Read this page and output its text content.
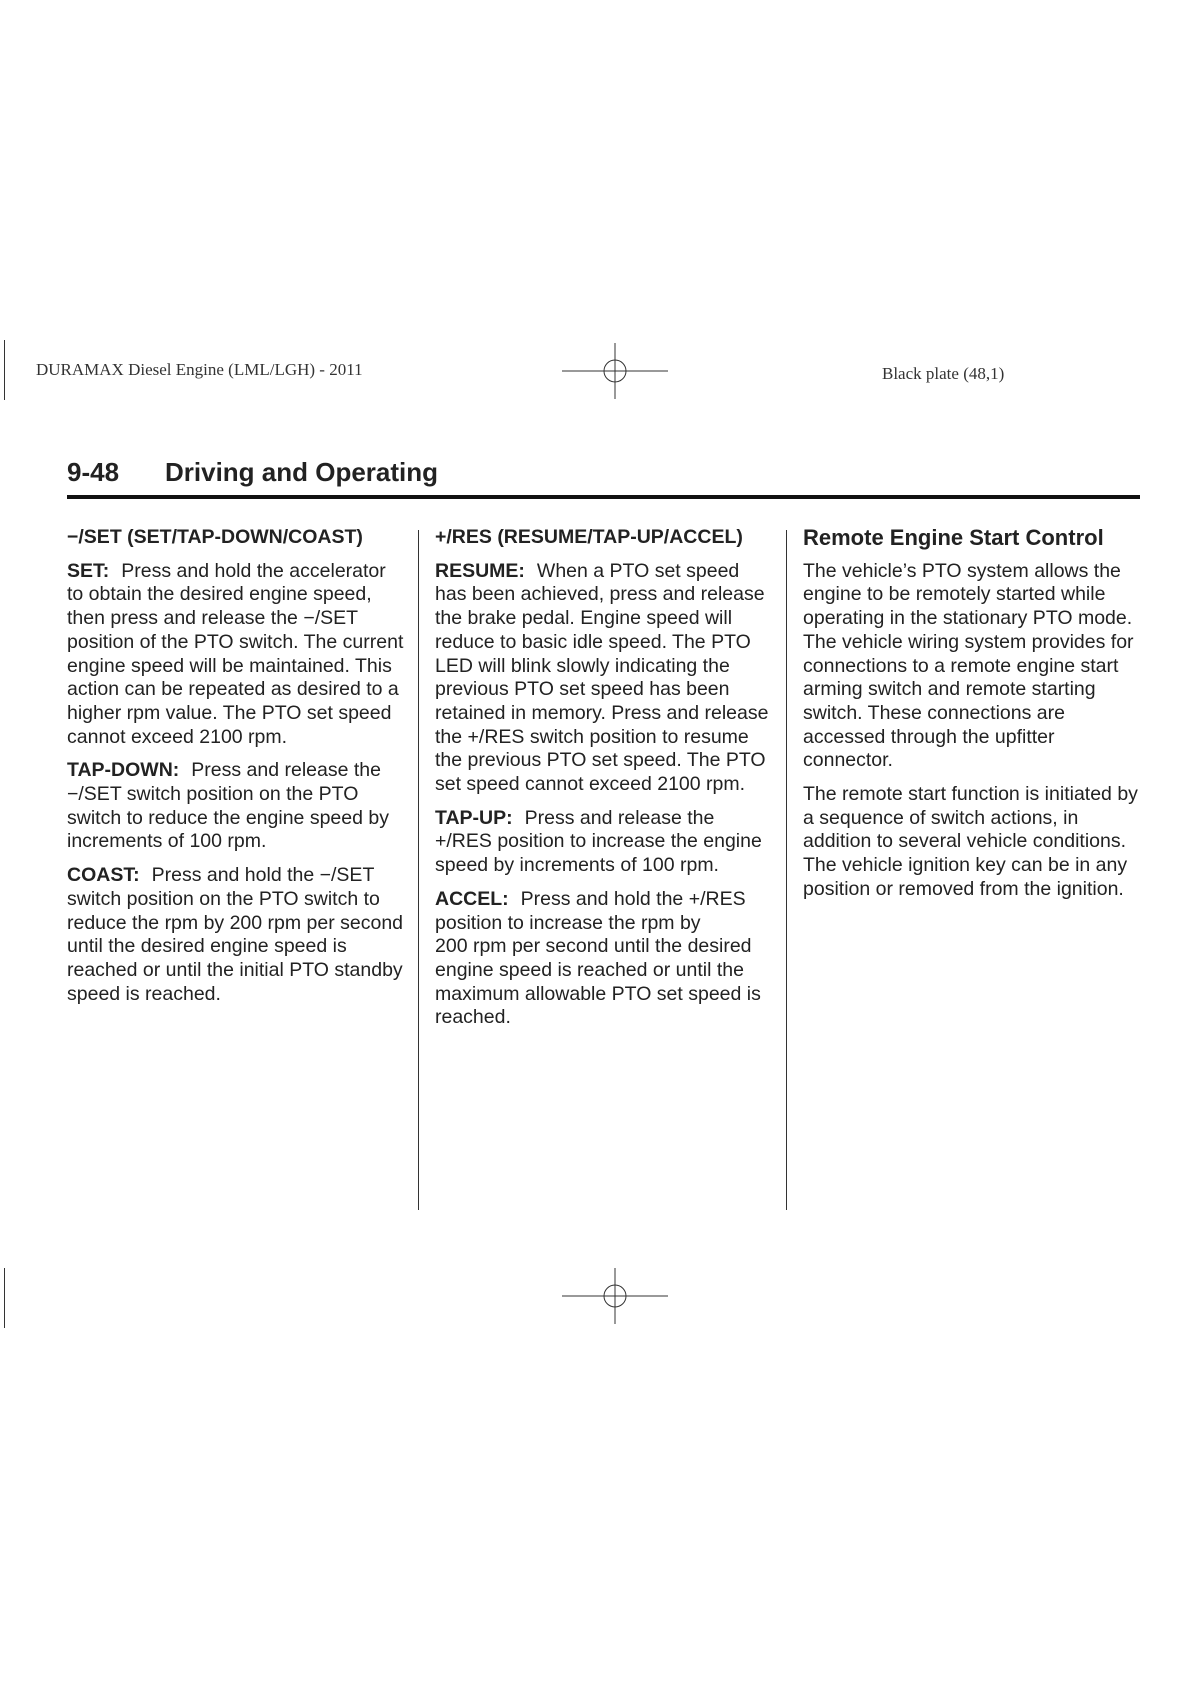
DURAMAX Diesel Engine (LML/LGH) - 2011	Black plate (48,1)
9-48 Driving and Operating
−/SET (SET/TAP-DOWN/COAST)

SET: Press and hold the accelerator to obtain the desired engine speed, then press and release the −/SET position of the PTO switch. The current engine speed will be maintained. This action can be repeated as desired to a higher rpm value. The PTO set speed cannot exceed 2100 rpm.

TAP-DOWN: Press and release the −/SET switch position on the PTO switch to reduce the engine speed by increments of 100 rpm.

COAST: Press and hold the −/SET switch position on the PTO switch to reduce the rpm by 200 rpm per second until the desired engine speed is reached or until the initial PTO standby speed is reached.

+/RES (RESUME/TAP-UP/ACCEL)

RESUME: When a PTO set speed has been achieved, press and release the brake pedal. Engine speed will reduce to basic idle speed. The PTO LED will blink slowly indicating the previous PTO set speed has been retained in memory. Press and release the +/RES switch position to resume the previous PTO set speed. The PTO set speed cannot exceed 2100 rpm.

TAP-UP: Press and release the +/RES position to increase the engine speed by increments of 100 rpm.

ACCEL: Press and hold the +/RES position to increase the rpm by 200 rpm per second until the desired engine speed is reached or until the maximum allowable PTO set speed is reached.

Remote Engine Start Control

The vehicle’s PTO system allows the engine to be remotely started while operating in the stationary PTO mode. The vehicle wiring system provides for connections to a remote engine start arming switch and remote starting switch. These connections are accessed through the upfitter connector.

The remote start function is initiated by a sequence of switch actions, in addition to several vehicle conditions. The vehicle ignition key can be in any position or removed from the ignition.
